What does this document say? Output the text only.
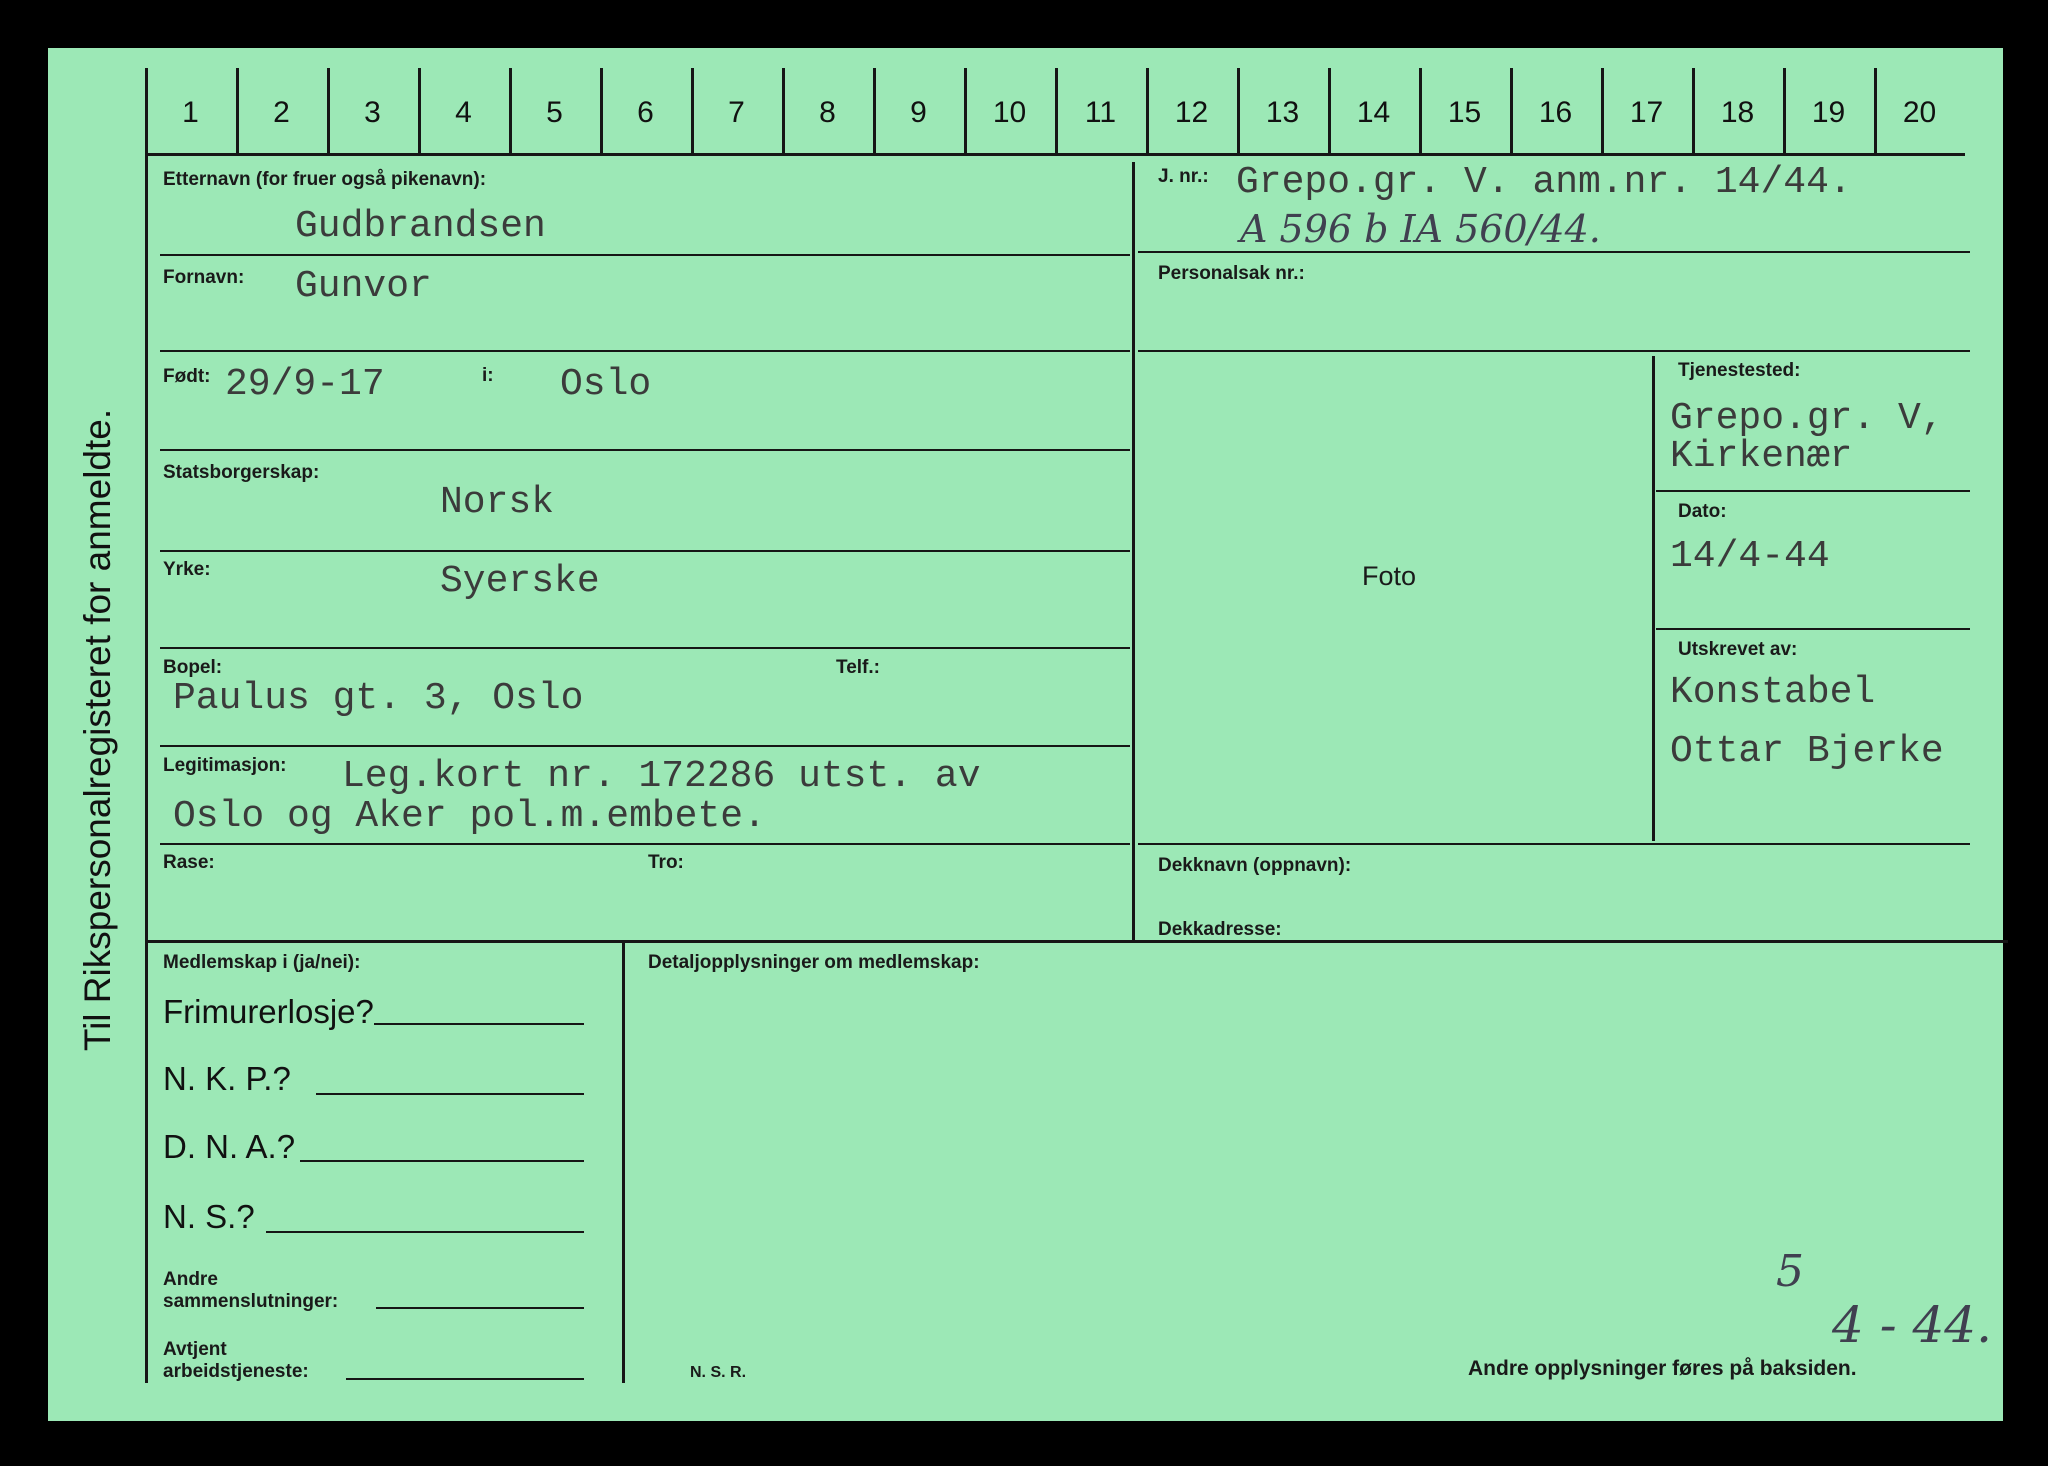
Til Rikspersonalregisteret for anmeldte.
1	2	3	4	5	6	7	8	9	10	11	12	13	14	15	16	17	18	19	20
Etternavn (for fruer også pikenavn):
Gudbrandsen
Fornavn: Gunvor
Født: 29/9-17	i: Oslo
Statsborgerskap:
Norsk
Yrke:	Syerske
Bopel:	Telf.:
Paulus gt. 3, Oslo
Legitimasjon: Leg.kort nr. 172286 utst. av
Oslo og Aker pol.m.embete.
Rase:	Tro:
J. nr.: Grepo.gr. V. anm.nr. 14/44.
A 596 b IA 560/44.
Personalsak nr.:
Foto
Tjenestested:
Grepo.gr. V,
Kirkenær
Dato:
14/4-44
Utskrevet av:
Konstabel
Ottar Bjerke
Dekknavn (oppnavn):
Dekkadresse:
Medlemskap i (ja/nei):	Detaljopplysninger om medlemskap:
Frimurerlosje?
N. K. P.?
D. N. A.?
N. S.?
Andre
sammenslutninger:
Avtjent
arbeidstjeneste:	N. S. R.	Andre opplysninger føres på baksiden.
5
4 - 44.
